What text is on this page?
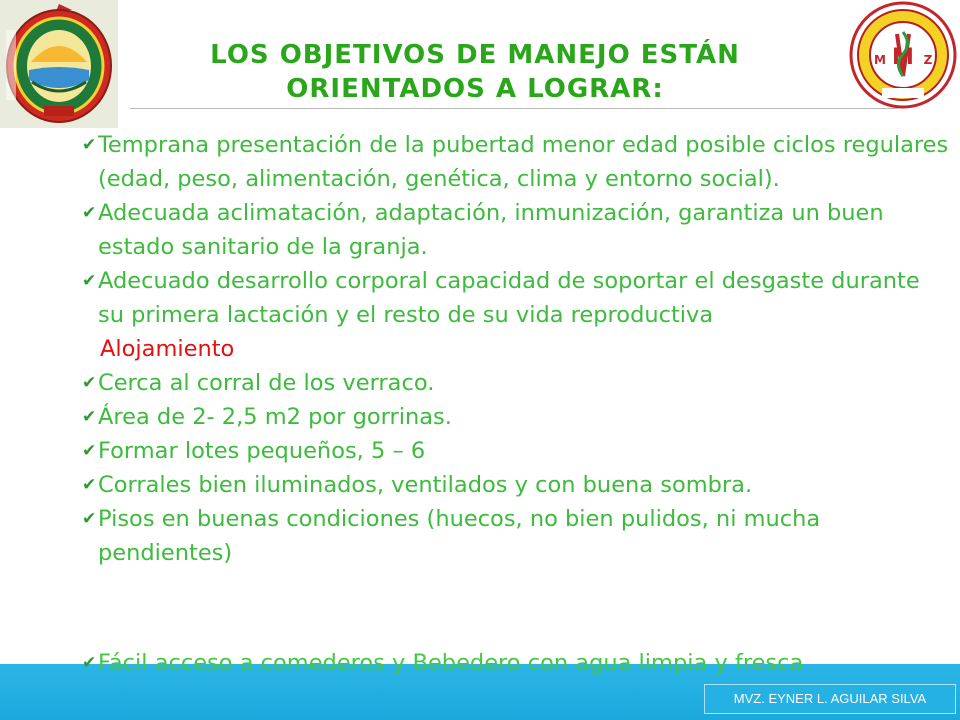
M Z
M
LOS OBJETIVOS DE MANEJO ESTÁN
ORIENTADOS A LOGRAR:

✔Temprana presentación de la pubertad menor edad posible ciclos regulares (edad, peso, alimentación, genética, clima y entorno social).

✔Adecuada aclimatación, adaptación, inmunización, garantiza un buen estado sanitario de la granja.

✔Adecuado desarrollo corporal capacidad de soportar el desgaste durante su primera lactación y el resto de su vida reproductiva

Alojamiento

✔Cerca al corral de los verraco.

✔Área de 2- 2,5 m2 por gorrinas.

✔Formar lotes pequeños, 5 – 6

✔Corrales bien iluminados, ventilados y con buena sombra.

✔Pisos en buenas condiciones (huecos, no bien pulidos, ni mucha pendientes)

✔Fácil acceso a comederos y Bebedero con agua limpia y fresca

MVZ. EYNER L. AGUILAR SILVA
